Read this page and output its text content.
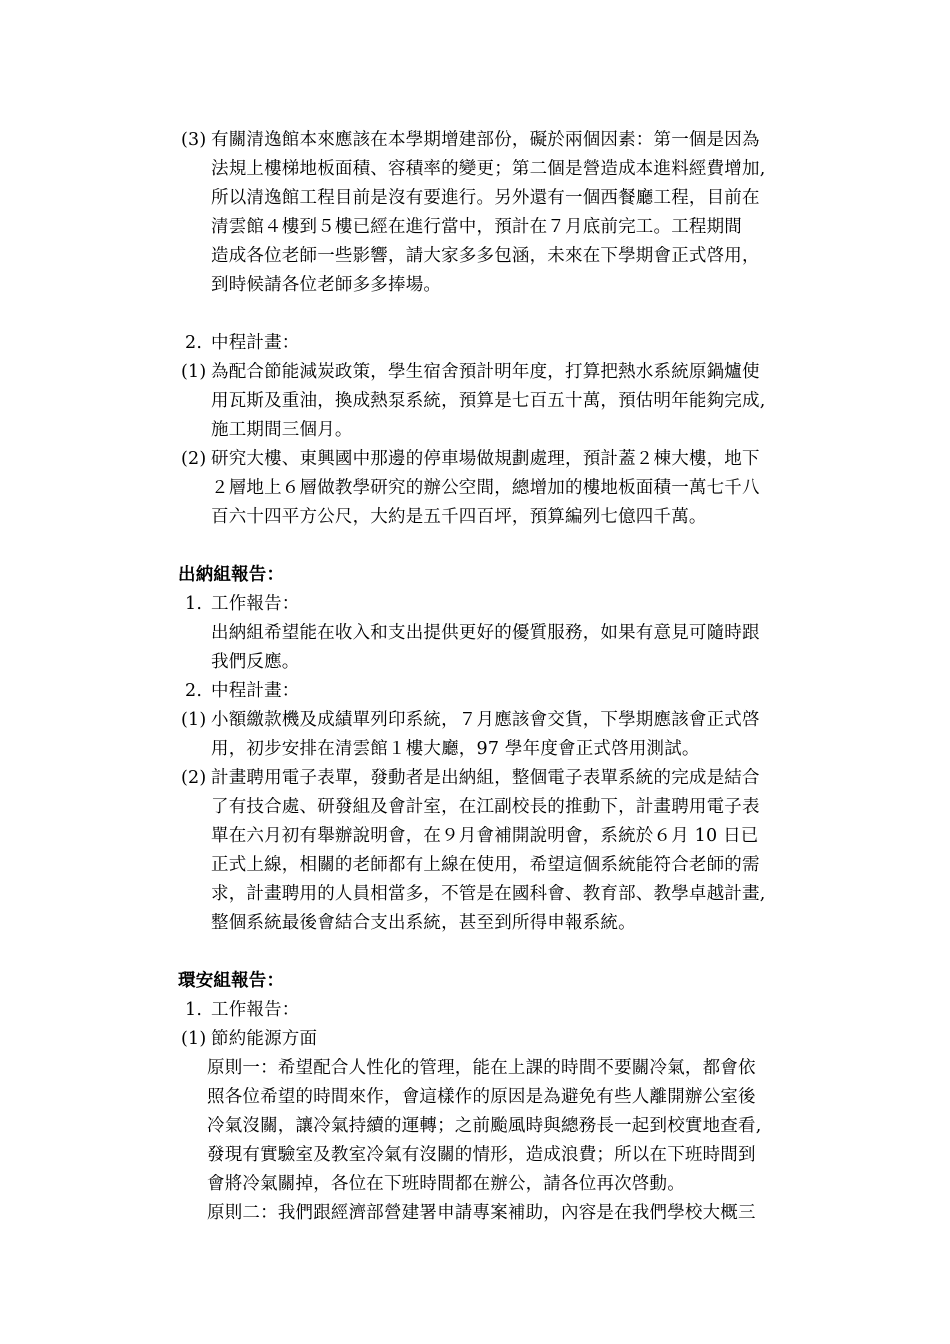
(3) 有關清逸館本來應該在本學期增建部份，礙於兩個因素：第一個是因為
法規上樓梯地板面積、容積率的變更；第二個是營造成本進料經費增加,
所以清逸館工程目前是沒有要進行。另外還有一個西餐廳工程，目前在
清雲館４樓到５樓已經在進行當中，預計在７月底前完工。工程期間
造成各位老師一些影響，請大家多多包涵，未來在下學期會正式啓用，
到時候請各位老師多多捧場。
2. 中程計畫：
(1) 為配合節能減炭政策，學生宿舍預計明年度，打算把熱水系統原鍋爐使
用瓦斯及重油，換成熱泵系統，預算是七百五十萬，預估明年能夠完成,
施工期間三個月。
(2) 研究大樓、東興國中那邊的停車場做規劃處理，預計蓋２棟大樓，地下
２層地上６層做教學研究的辦公空間，總增加的樓地板面積一萬七千八
百六十四平方公尺，大約是五千四百坪，預算編列七億四千萬。
出納組報告：
1. 工作報告：
出納組希望能在收入和支出提供更好的優質服務，如果有意見可隨時跟
我們反應。
2. 中程計畫：
(1) 小額繳款機及成績單列印系統，７月應該會交貨，下學期應該會正式啓
用，初步安排在清雲館１樓大廳，97 學年度會正式啓用測試。
(2) 計畫聘用電子表單，發動者是出納組，整個電子表單系統的完成是結合
了有技合處、研發組及會計室，在江副校長的推動下，計畫聘用電子表
單在六月初有舉辦說明會，在９月會補開說明會，系統於６月 10 日已
正式上線，相關的老師都有上線在使用，希望這個系統能符合老師的需
求，計畫聘用的人員相當多，不管是在國科會、教育部、教學卓越計畫,
整個系統最後會結合支出系統，甚至到所得申報系統。
環安組報告：
1. 工作報告：
(1) 節約能源方面
原則一：希望配合人性化的管理，能在上課的時間不要關冷氣，都會依
照各位希望的時間來作，會這樣作的原因是為避免有些人離開辦公室後
冷氣沒關，讓冷氣持續的運轉；之前颱風時與總務長一起到校實地查看,
發現有實驗室及教室冷氣有沒關的情形，造成浪費；所以在下班時間到
會將冷氣關掉，各位在下班時間都在辦公，請各位再次啓動。
原則二：我們跟經濟部營建署申請專案補助，內容是在我們學校大概三
